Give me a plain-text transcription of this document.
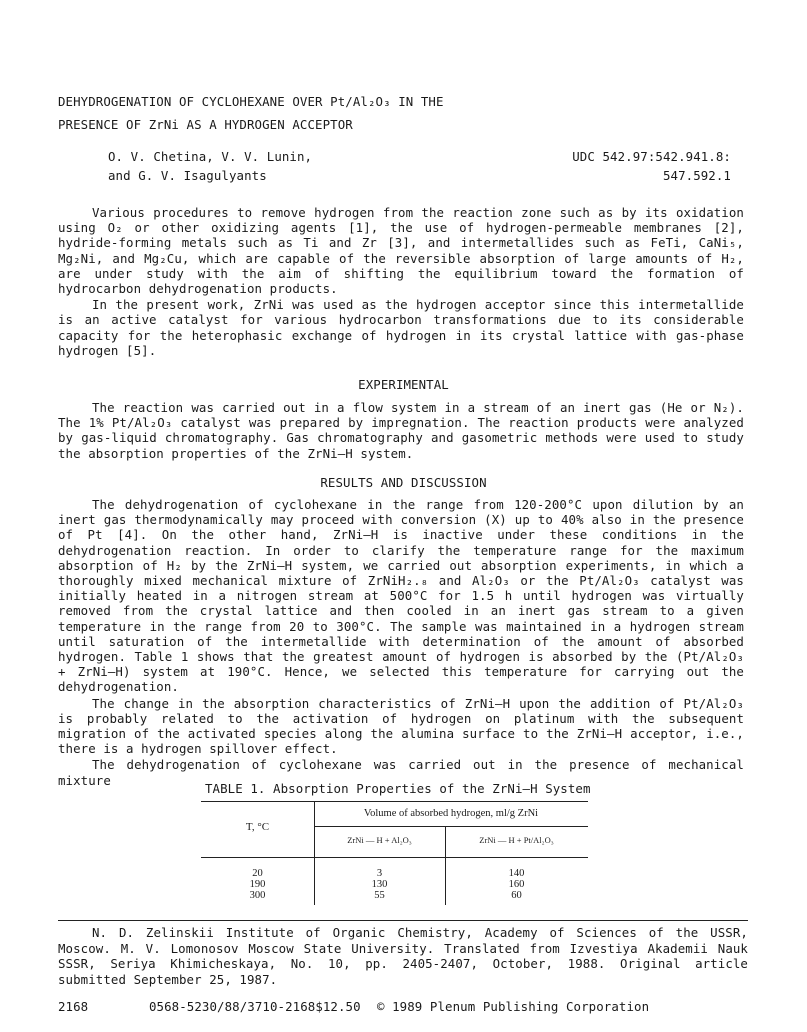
DEHYDROGENATION OF CYCLOHEXANE OVER Pt/Al₂O₃ IN THE
PRESENCE OF ZrNi AS A HYDROGEN ACCEPTOR
O. V. Chetina, V. V. Lunin,
and G. V. Isagulyants
UDC 542.97:542.941.8:
547.592.1

Various procedures to remove hydrogen from the reaction zone such as by its oxidation using O₂ or other oxidizing agents [1], the use of hydrogen-permeable membranes [2], hydride-forming metals such as Ti and Zr [3], and intermetallides such as FeTi, CaNi₅, Mg₂Ni, and Mg₂Cu, which are capable of the reversible absorption of large amounts of H₂, are under study with the aim of shifting the equilibrium toward the formation of hydrocarbon dehydrogenation products.

In the present work, ZrNi was used as the hydrogen acceptor since this intermetallide is an active catalyst for various hydrocarbon transformations due to its considerable capacity for the heterophasic exchange of hydrogen in its crystal lattice with gas-phase hydrogen [5].

EXPERIMENTAL

The reaction was carried out in a flow system in a stream of an inert gas (He or N₂). The 1% Pt/Al₂O₃ catalyst was prepared by impregnation. The reaction products were analyzed by gas-liquid chromatography. Gas chromatography and gasometric methods were used to study the absorption properties of the ZrNi–H system.

RESULTS AND DISCUSSION

The dehydrogenation of cyclohexane in the range from 120-200°C upon dilution by an inert gas thermodynamically may proceed with conversion (X) up to 40% also in the presence of Pt [4]. On the other hand, ZrNi–H is inactive under these conditions in the dehydrogenation reaction. In order to clarify the temperature range for the maximum absorption of H₂ by the ZrNi–H system, we carried out absorption experiments, in which a thoroughly mixed mechanical mixture of ZrNiH₂.₈ and Al₂O₃ or the Pt/Al₂O₃ catalyst was initially heated in a nitrogen stream at 500°C for 1.5 h until hydrogen was virtually removed from the crystal lattice and then cooled in an inert gas stream to a given temperature in the range from 20 to 300°C. The sample was maintained in a hydrogen stream until saturation of the intermetallide with determination of the amount of absorbed hydrogen. Table 1 shows that the greatest amount of hydrogen is absorbed by the (Pt/Al₂O₃ + ZrNi–H) system at 190°C. Hence, we selected this temperature for carrying out the dehydrogenation.

The change in the absorption characteristics of ZrNi–H upon the addition of Pt/Al₂O₃ is probably related to the activation of hydrogen on platinum with the subsequent migration of the activated species along the alumina surface to the ZrNi–H acceptor, i.e., there is a hydrogen spillover effect.

The dehydrogenation of cyclohexane was carried out in the presence of mechanical mixture

TABLE 1. Absorption Properties of the ZrNi–H System
T, °C
Volume of absorbed hydrogen, ml/g ZrNi
ZrNi — H + Al₂O₃	ZrNi — H + Pt/Al₂O₃
20
190
300
3
130
55
140
160
60

N. D. Zelinskii Institute of Organic Chemistry, Academy of Sciences of the USSR, Moscow. M. V. Lomonosov Moscow State University. Translated from Izvestiya Akademii Nauk SSSR, Seriya Khimicheskaya, No. 10, pp. 2405-2407, October, 1988. Original article submitted September 25, 1987.

2168	0568-5230/88/3710-2168$12.50 © 1989 Plenum Publishing Corporation
